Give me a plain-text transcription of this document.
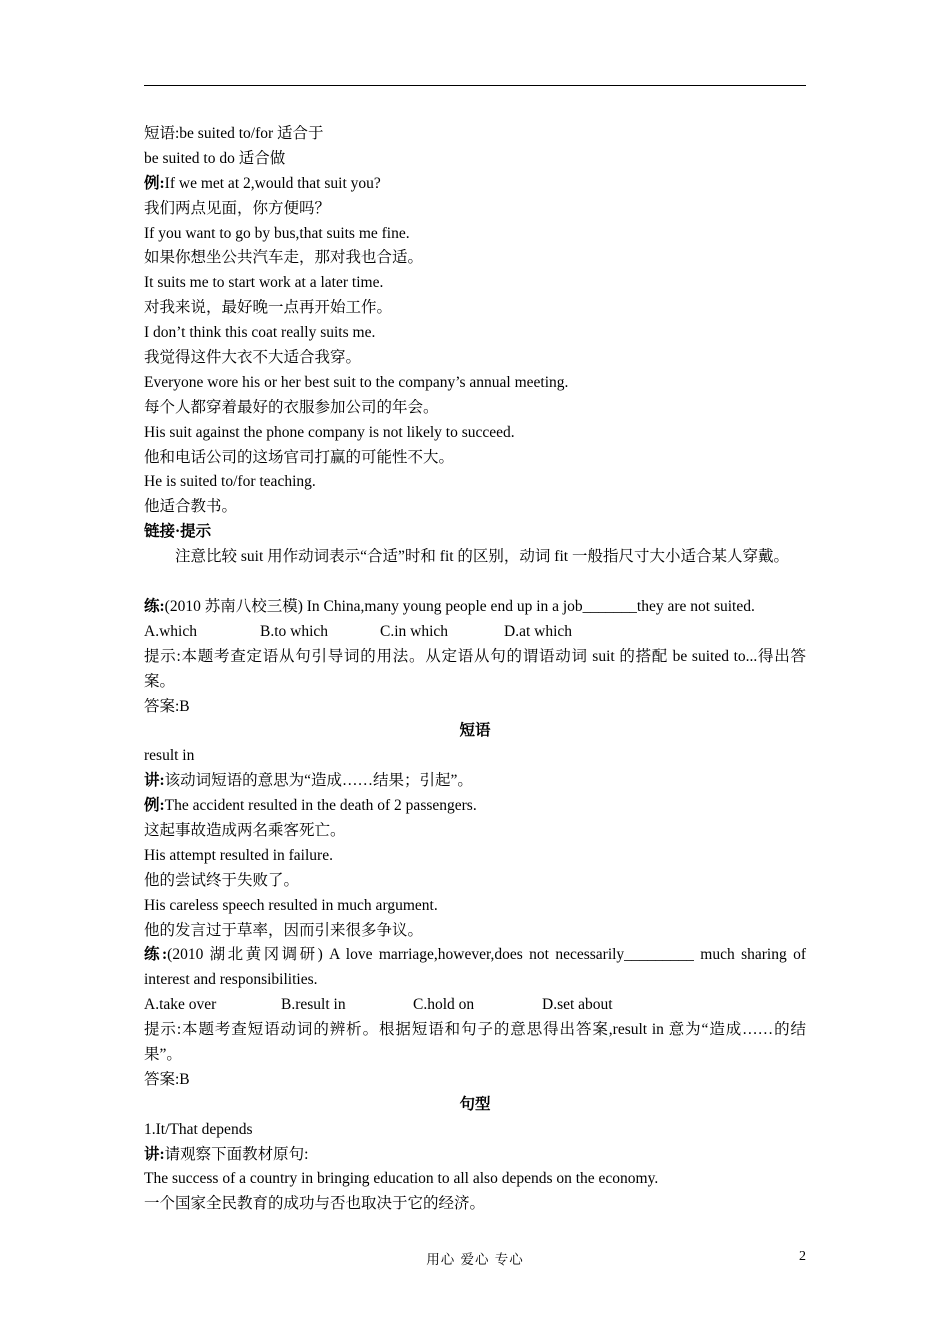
短语:be suited to/for 适合于
be suited to do 适合做
例:If we met at 2,would that suit you?
我们两点见面，你方便吗？
If you want to go by bus,that suits me fine.
如果你想坐公共汽车走，那对我也合适。
It suits me to start work at a later time.
对我来说，最好晚一点再开始工作。
I don’t think this coat really suits me.
我觉得这件大衣不大适合我穿。
Everyone wore his or her best suit to the company’s annual meeting.
每个人都穿着最好的衣服参加公司的年会。
His suit against the phone company is not likely to succeed.
他和电话公司的这场官司打赢的可能性不大。
He is suited to/for teaching.
他适合教书。
链接·提示
注意比较 suit 用作动词表示“合适”时和 fit 的区别，动词 fit 一般指尺寸大小适合某人穿戴。
练:(2010 苏南八校三模) In China,many young people end up in a job_______they are not suited.
A.which	B.to which	C.in which	D.at which
提示:本题考查定语从句引导词的用法。从定语从句的谓语动词 suit 的搭配 be suited to...得出答案。
答案:B
短语
result in
讲:该动词短语的意思为“造成……结果；引起”。
例:The accident resulted in the death of 2 passengers.
这起事故造成两名乘客死亡。
His attempt resulted in failure.
他的尝试终于失败了。
His careless speech resulted in much argument.
他的发言过于草率，因而引来很多争议。
练:(2010 湖北黄冈调研) A love marriage,however,does not necessarily_________ much sharing of interest and responsibilities.
A.take over	B.result in	C.hold on	D.set about
提示:本题考查短语动词的辨析。根据短语和句子的意思得出答案,result in 意为“造成……的结果”。
答案:B
句型
1.It/That depends
讲:请观察下面教材原句:
The success of a country in bringing education to all also depends on the economy.
一个国家全民教育的成功与否也取决于它的经济。
用心 爱心 专心	2
